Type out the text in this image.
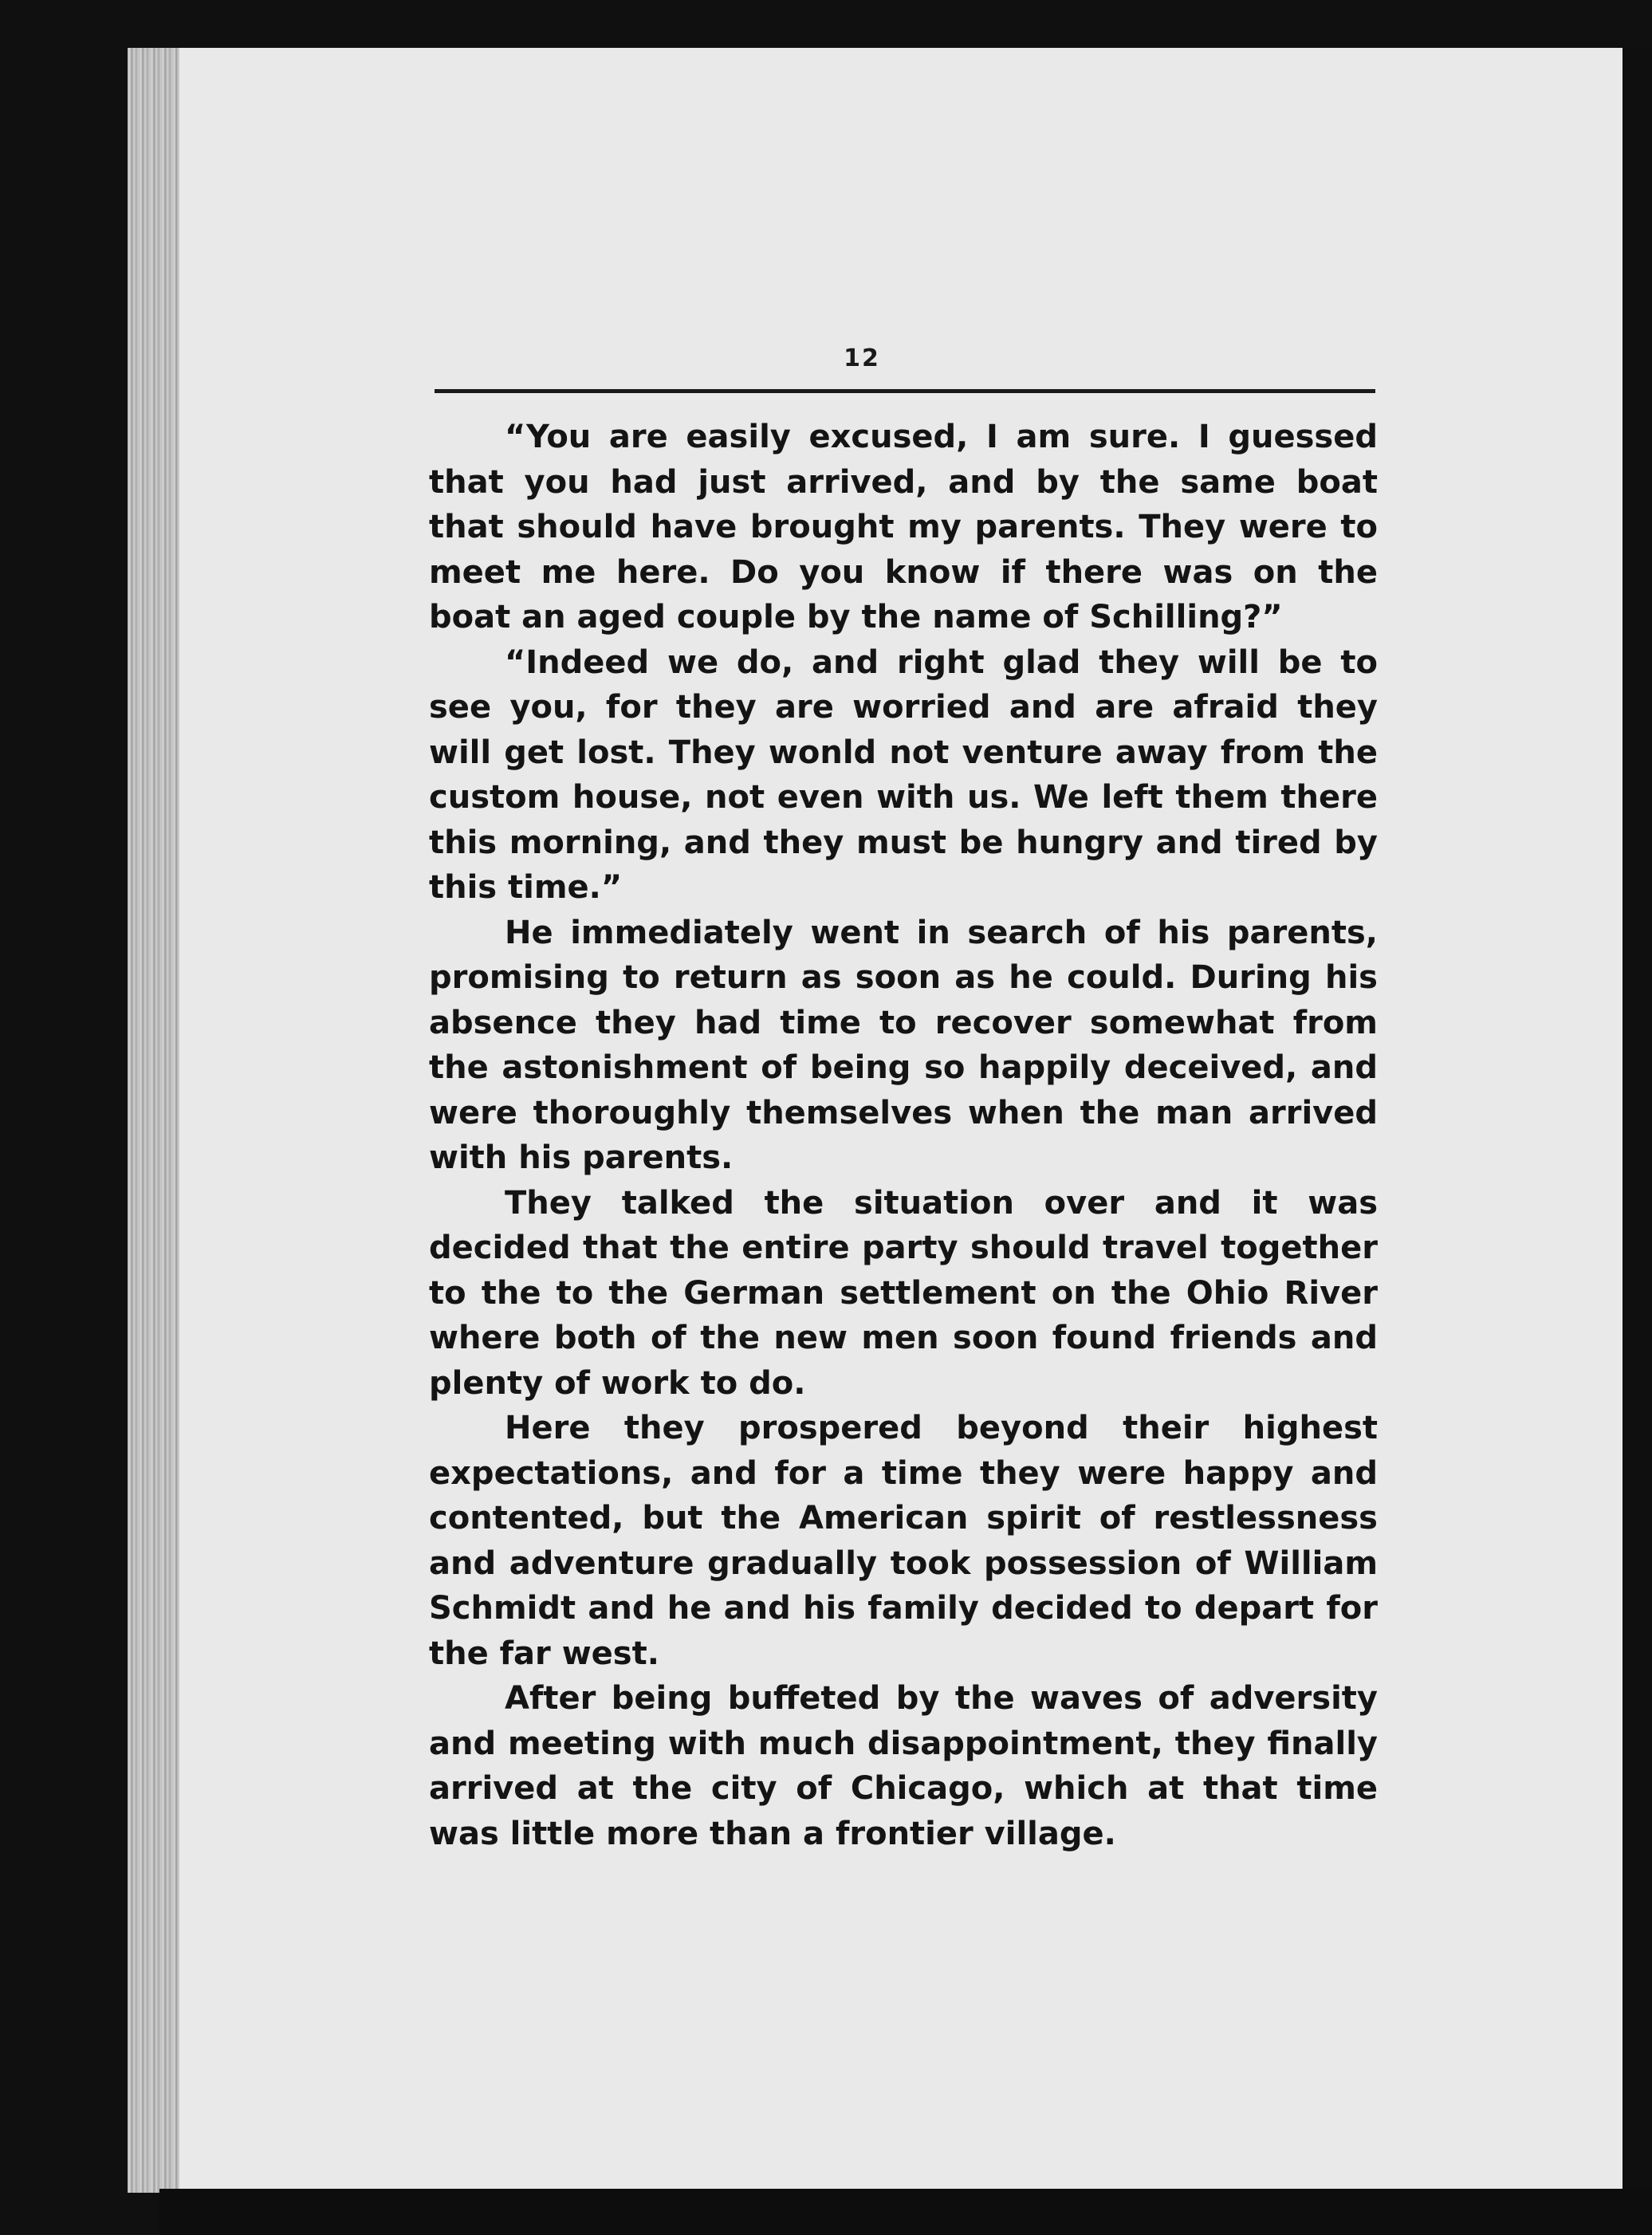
12

“You are easily excused, I am sure. I guessed that you had just arrived, and by the same boat that should have brought my parents. They were to meet me here. Do you know if there was on the boat an aged couple by the name of Schilling?”

“Indeed we do, and right glad they will be to see you, for they are worried and are afraid they will get lost. They wonld not venture away from the custom house, not even with us. We left them there this morning, and they must be hungry and tired by this time.”

He immediately went in search of his parents, promising to return as soon as he could. During his absence they had time to recover somewhat from the astonishment of being so happily deceived, and were thoroughly themselves when the man arrived with his parents.

They talked the situation over and it was decided that the entire party should travel together to the to the German settlement on the Ohio River where both of the new men soon found friends and plenty of work to do.

Here they prospered beyond their highest expectations, and for a time they were happy and contented, but the American spirit of restlessness and adventure gradually took possession of William Schmidt and he and his family decided to depart for the far west.

After being buffeted by the waves of adversity and meeting with much disappointment, they finally arrived at the city of Chicago, which at that time was little more than a frontier village.
